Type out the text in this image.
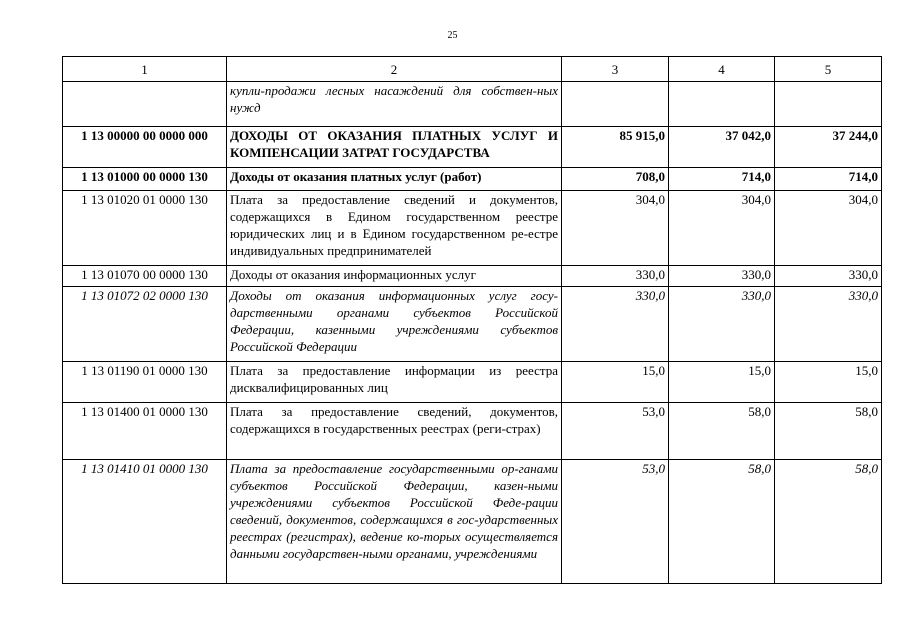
25
1	2	3	4	5
	купли-продажи лесных насаждений для собствен-ных нужд			
1 13 00000 00 0000 000	ДОХОДЫ ОТ ОКАЗАНИЯ ПЛАТНЫХ УСЛУГ И КОМПЕНСАЦИИ ЗАТРАТ ГОСУДАРСТВА	85 915,0	37 042,0	37 244,0
1 13 01000 00 0000 130	Доходы от оказания платных услуг (работ)	708,0	714,0	714,0
1 13 01020 01 0000 130	Плата за предоставление сведений и документов, содержащихся в Едином государственном реестре юридических лиц и в Едином государственном ре-естре индивидуальных предпринимателей	304,0	304,0	304,0
1 13 01070 00 0000 130	Доходы от оказания информационных услуг	330,0	330,0	330,0
1 13 01072 02 0000 130	Доходы от оказания информационных услуг госу-дарственными органами субъектов Российской Федерации, казенными учреждениями субъектов Российской Федерации	330,0	330,0	330,0
1 13 01190 01 0000 130	Плата за предоставление информации из реестра дисквалифицированных лиц	15,0	15,0	15,0
1 13 01400 01 0000 130	Плата за предоставление сведений, документов, содержащихся в государственных реестрах (реги-страх)	53,0	58,0	58,0
1 13 01410 01 0000 130	Плата за предоставление государственными ор-ганами субъектов Российской Федерации, казен-ными учреждениями субъектов Российской Феде-рации сведений, документов, содержащихся в гос-ударственных реестрах (регистрах), ведение ко-торых осуществляется данными государствен-ными органами, учреждениями	53,0	58,0	58,0
